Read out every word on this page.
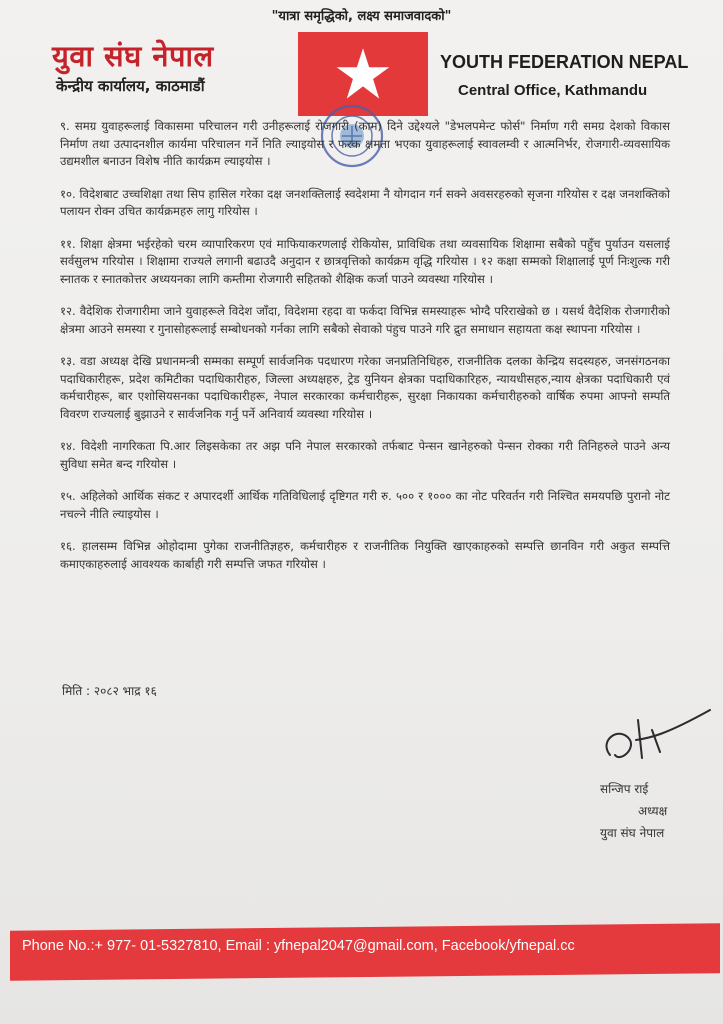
"यात्रा समृद्धिको, लक्ष्य समाजवादको"
युवा संघ नेपाल
केन्द्रीय कार्यालय, काठमाडौं
YOUTH FEDERATION NEPAL
Central Office, Kathmandu

९. समग्र युवाहरूलाई विकासमा परिचालन गरी उनीहरूलाई रोजगारी (काम) दिने उद्देश्यले "डेभलपमेन्ट फोर्स" निर्माण गरी समग्र देशको विकास निर्माण तथा उत्पादनशील कार्यमा परिचालन गर्ने निति ल्याइयोस र फरक क्षमता भएका युवाहरूलाई स्वावलम्वी र आत्मनिर्भर, रोजगारी-व्यवसायिक उद्यमशील बनाउन विशेष नीति कार्यक्रम ल्याइयोस ।

१०. विदेशबाट उच्चशिक्षा तथा सिप हासिल गरेका दक्ष जनशक्तिलाई स्वदेशमा नै योगदान गर्न सक्ने अवसरहरुको सृजना गरियोस र दक्ष जनशक्तिको पलायन रोक्न उचित कार्यक्रमहरु लागु गरियोस ।

११. शिक्षा क्षेत्रमा भईरहेको चरम व्यापारिकरण एवं माफियाकरणलाई रोकियोस, प्राविधिक तथा व्यवसायिक शिक्षामा सबैको पहुँच पुर्याउन यसलाई सर्वसुलभ गरियोस । शिक्षामा राज्यले लगानी बढाउदै अनुदान र छात्रवृत्तिको कार्यक्रम वृद्धि गरियोस । १२ कक्षा सम्मको शिक्षालाई पूर्ण निःशुल्क गरी स्नातक र स्नातकोत्तर अध्ययनका लागि कम्तीमा रोजगारी सहितको शैक्षिक कर्जा पाउने व्यवस्था गरियोस ।

१२. वैदेशिक रोजगारीमा जाने युवाहरूले विदेश जाँदा, विदेशमा रहदा वा फर्कदा विभिन्न समस्याहरू भोग्दै परिराखेको छ । यसर्थ वैदेशिक रोजगारीको क्षेत्रमा आउने समस्या र गुनासोहरूलाई सम्बोधनको गर्नका लागि सबैको सेवाको पंहुच पाउने गरि द्रुत समाधान सहायता कक्ष स्थापना गरियोस ।

१३. वडा अध्यक्ष देखि प्रधानमन्त्री सम्मका सम्पूर्ण सार्वजनिक पदधारण गरेका जनप्रतिनिधिहरु, राजनीतिक दलका केन्द्रिय सदस्यहरु, जनसंगठनका पदाधिकारीहरू, प्रदेश कमिटीका पदाधिकारीहरु, जिल्ला अध्यक्षहरु, ट्रेड युनियन क्षेत्रका पदाधिकारिहरु, न्यायधीसहरु,न्याय क्षेत्रका पदाधिकारी एवं कर्मचारीहरू, बार एशोसियसनका पदाधिकारीहरू, नेपाल सरकारका कर्मचारीहरू, सुरक्षा निकायका कर्मचारीहरुको वार्षिक रुपमा आफ्नो सम्पति विवरण राज्यलाई बुझाउने र सार्वजनिक गर्नु पर्ने अनिवार्य व्यवस्था गरियोस ।

१४. विदेशी नागरिकता पि.आर लिइसकेका तर अझ पनि नेपाल सरकारको तर्फबाट पेन्सन खानेहरुको पेन्सन रोक्का गरी तिनिहरुले पाउने अन्य सुविधा समेत बन्द गरियोस ।

१५. अहिलेको आर्थिक संकट र अपारदर्शी आर्थिक गतिविधिलाई दृष्टिगत गरी रु. ५०० र १००० का नोट परिवर्तन गरी निश्चित समयपछि पुरानो नोट नचल्ने नीति ल्याइयोस ।

१६. हालसम्म विभिन्न ओहोदामा पुगेका राजनीतिज्ञहरु, कर्मचारीहरु र राजनीतिक नियुक्ति खाएकाहरुको सम्पत्ति छानविन गरी अकुत सम्पत्ति कमाएकाहरुलाई आवश्यक कार्बाही गरी सम्पत्ति जफत गरियोस ।

मिति : २०८२ भाद्र १६
सन्जिप राई
अध्यक्ष
युवा संघ नेपाल
Phone No.:+ 977- 01-5327810, Email : yfnepal2047@gmail.com, Facebook/yfnepal.cc
